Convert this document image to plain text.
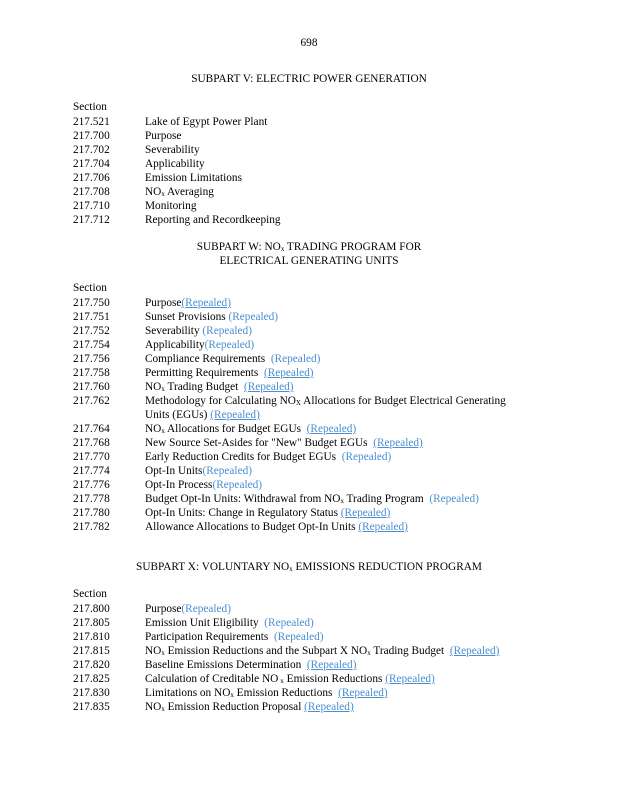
698
SUBPART V: ELECTRIC POWER GENERATION
Section
217.521	Lake of Egypt Power Plant
217.700	Purpose
217.702	Severability
217.704	Applicability
217.706	Emission Limitations
217.708	$NO_x$ Averaging
217.710	Monitoring
217.712	Reporting and Recordkeeping
SUBPART W: $NO_x$ TRADING PROGRAM FOR
ELECTRICAL GENERATING UNITS
Section
217.750	Purpose(Repealed)
217.751	Sunset Provisions (Repealed)
217.752	Severability (Repealed)
217.754	Applicability(Repealed)
217.756	Compliance Requirements (Repealed)
217.758	Permitting Requirements (Repealed)
217.760	$NO_x$ Trading Budget (Repealed)
217.762	Methodology for Calculating $NO_X$ Allocations for Budget Electrical Generating
Units (EGUs) (Repealed)
217.764	$NO_x$ Allocations for Budget EGUs (Repealed)
217.768	New Source Set-Asides for "New" Budget EGUs (Repealed)
217.770	Early Reduction Credits for Budget EGUs (Repealed)
217.774	Opt-In Units(Repealed)
217.776	Opt-In Process(Repealed)
217.778	Budget Opt-In Units: Withdrawal from $NO_x$ Trading Program (Repealed)
217.780	Opt-In Units: Change in Regulatory Status (Repealed)
217.782	Allowance Allocations to Budget Opt-In Units (Repealed)
SUBPART X: VOLUNTARY $NO_x$ EMISSIONS REDUCTION PROGRAM
Section
217.800	Purpose(Repealed)
217.805	Emission Unit Eligibility (Repealed)
217.810	Participation Requirements (Repealed)
217.815	$NO_x$ Emission Reductions and the Subpart X $NO_x$ Trading Budget (Repealed)
217.820	Baseline Emissions Determination (Repealed)
217.825	Calculation of Creditable NO $_x$ Emission Reductions (Repealed)
217.830	Limitations on $NO_x$ Emission Reductions (Repealed)
217.835	$NO_x$ Emission Reduction Proposal (Repealed)
